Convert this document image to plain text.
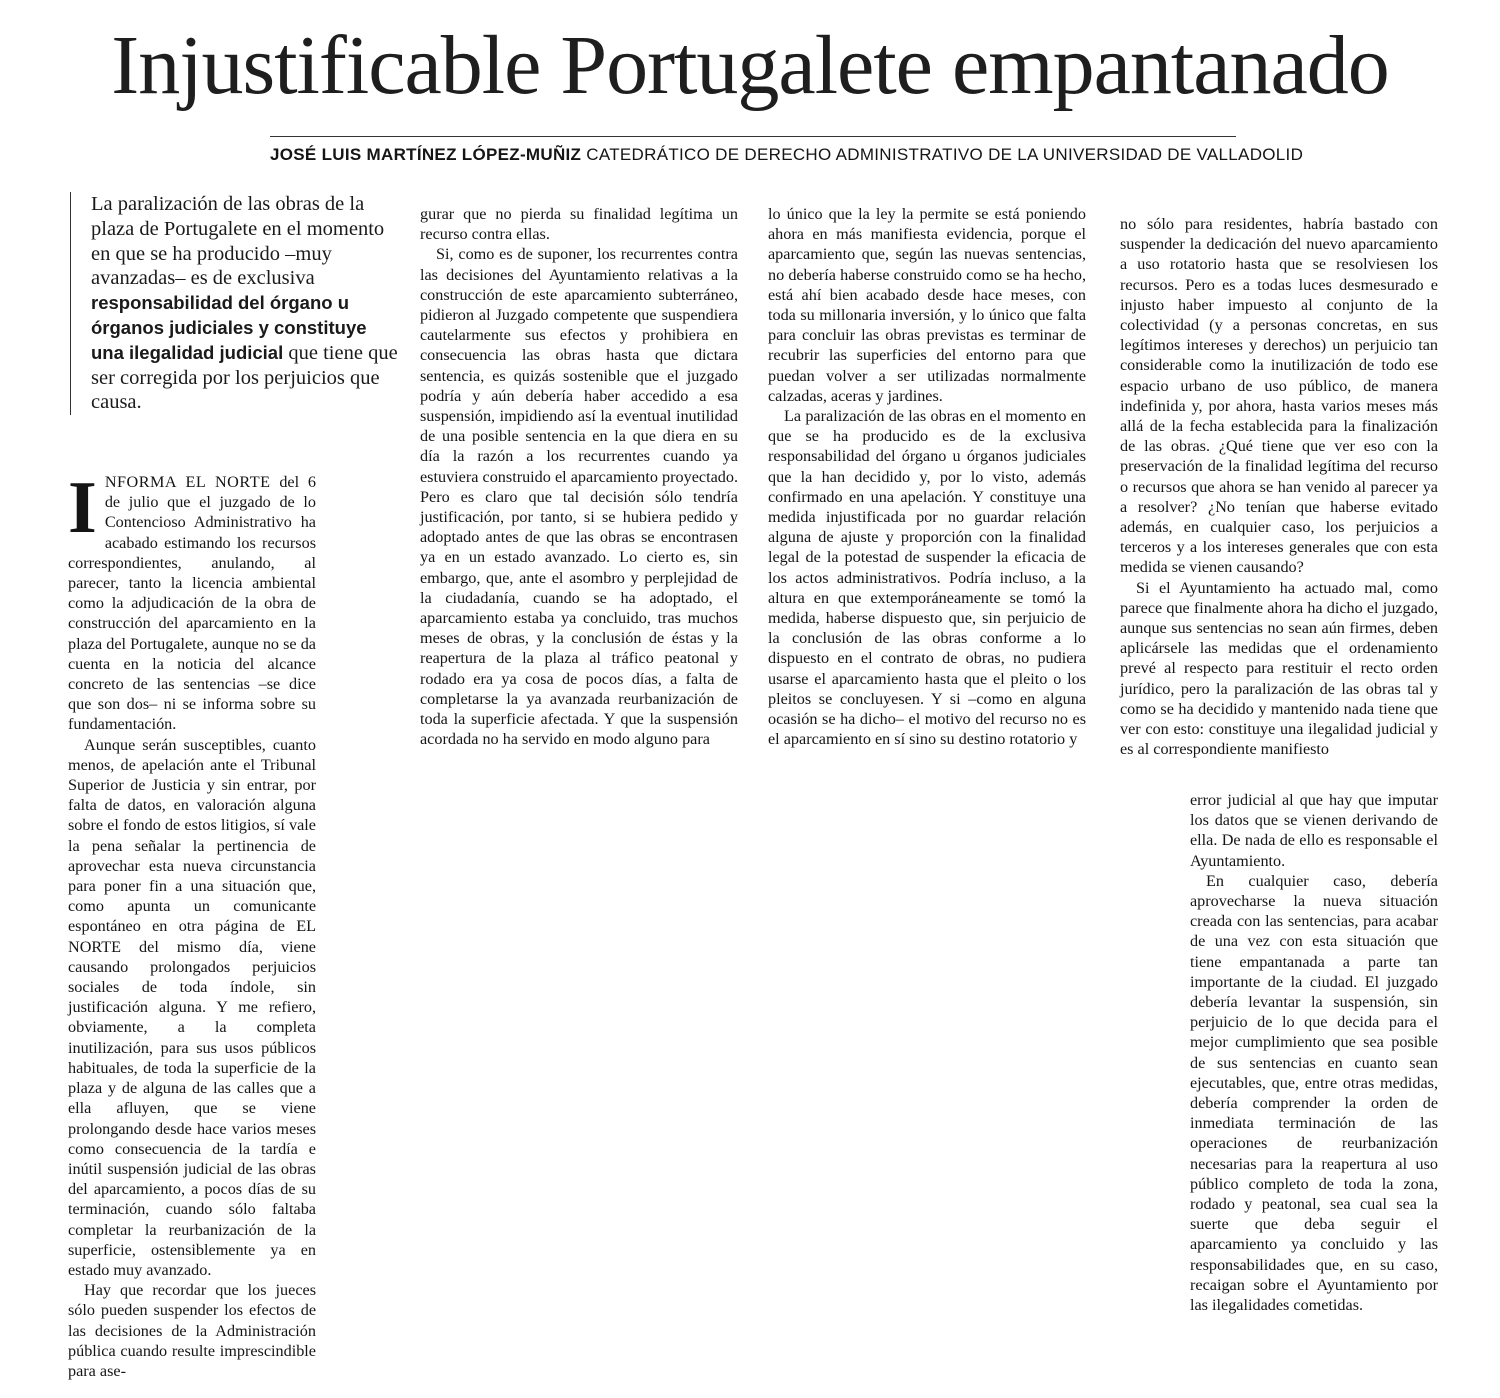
Injustificable Portugalete empantanado
JOSÉ LUIS MARTÍNEZ LÓPEZ-MUÑIZ CATEDRÁTICO DE DERECHO ADMINISTRATIVO DE LA UNIVERSIDAD DE VALLADOLID
La paralización de las obras de la plaza de Portugalete en el momento en que se ha producido –muy avanzadas– es de exclusiva responsabilidad del órgano u órganos judiciales y constituye una ilegalidad judicial que tiene que ser corregida por los perjuicios que causa.

INFORMA EL NORTE del 6 de julio que el juzgado de lo Contencioso Administrativo ha acabado estimando los recursos correspondientes, anulando, al parecer, tanto la licencia ambiental como la adjudicación de la obra de construcción del aparcamiento en la plaza del Portugalete, aunque no se da cuenta en la noticia del alcance concreto de las sentencias –se dice que son dos– ni se informa sobre su fundamentación.

Aunque serán susceptibles, cuanto menos, de apelación ante el Tribunal Superior de Justicia y sin entrar, por falta de datos, en valoración alguna sobre el fondo de estos litigios, sí vale la pena señalar la pertinencia de aprovechar esta nueva circunstancia para poner fin a una situación que, como apunta un comunicante espontáneo en otra página de EL NORTE del mismo día, viene causando prolongados perjuicios sociales de toda índole, sin justificación alguna. Y me refiero, obviamente, a la completa inutilización, para sus usos públicos habituales, de toda la superficie de la plaza y de alguna de las calles que a ella afluyen, que se viene prolongando desde hace varios meses como consecuencia de la tardía e inútil suspensión judicial de las obras del aparcamiento, a pocos días de su terminación, cuando sólo faltaba completar la reurbanización de la superficie, ostensiblemente ya en estado muy avanzado.

Hay que recordar que los jueces sólo pueden suspender los efectos de las decisiones de la Administración pública cuando resulte imprescindible para ase-

gurar que no pierda su finalidad legítima un recurso contra ellas.

Si, como es de suponer, los recurrentes contra las decisiones del Ayuntamiento relativas a la construcción de este aparcamiento subterráneo, pidieron al Juzgado competente que suspendiera cautelarmente sus efectos y prohibiera en consecuencia las obras hasta que dictara sentencia, es quizás sostenible que el juzgado podría y aún debería haber accedido a esa suspensión, impidiendo así la eventual inutilidad de una posible sentencia en la que diera en su día la razón a los recurrentes cuando ya estuviera construido el aparcamiento proyectado. Pero es claro que tal decisión sólo tendría justificación, por tanto, si se hubiera pedido y adoptado antes de que las obras se encontrasen ya en un estado avanzado. Lo cierto es, sin embargo, que, ante el asombro y perplejidad de la ciudadanía, cuando se ha adoptado, el aparcamiento estaba ya concluido, tras muchos meses de obras, y la conclusión de éstas y la reapertura de la plaza al tráfico peatonal y rodado era ya cosa de pocos días, a falta de completarse la ya avanzada reurbanización de toda la superficie afectada. Y que la suspensión acordada no ha servido en modo alguno para

lo único que la ley la permite se está poniendo ahora en más manifiesta evidencia, porque el aparcamiento que, según las nuevas sentencias, no debería haberse construido como se ha hecho, está ahí bien acabado desde hace meses, con toda su millonaria inversión, y lo único que falta para concluir las obras previstas es terminar de recubrir las superficies del entorno para que puedan volver a ser utilizadas normalmente calzadas, aceras y jardines.

La paralización de las obras en el momento en que se ha producido es de la exclusiva responsabilidad del órgano u órganos judiciales que la han decidido y, por lo visto, además confirmado en una apelación. Y constituye una medida injustificada por no guardar relación alguna de ajuste y proporción con la finalidad legal de la potestad de suspender la eficacia de los actos administrativos. Podría incluso, a la altura en que extemporáneamente se tomó la medida, haberse dispuesto que, sin perjuicio de la conclusión de las obras conforme a lo dispuesto en el contrato de obras, no pudiera usarse el aparcamiento hasta que el pleito o los pleitos se concluyesen. Y si –como en alguna ocasión se ha dicho– el motivo del recurso no es el aparcamiento en sí sino su destino rotatorio y

no sólo para residentes, habría bastado con suspender la dedicación del nuevo aparcamiento a uso rotatorio hasta que se resolviesen los recursos. Pero es a todas luces desmesurado e injusto haber impuesto al conjunto de la colectividad (y a personas concretas, en sus legítimos intereses y derechos) un perjuicio tan considerable como la inutilización de todo ese espacio urbano de uso público, de manera indefinida y, por ahora, hasta varios meses más allá de la fecha establecida para la finalización de las obras. ¿Qué tiene que ver eso con la preservación de la finalidad legítima del recurso o recursos que ahora se han venido al parecer ya a resolver? ¿No tenían que haberse evitado además, en cualquier caso, los perjuicios a terceros y a los intereses generales que con esta medida se vienen causando?

Si el Ayuntamiento ha actuado mal, como parece que finalmente ahora ha dicho el juzgado, aunque sus sentencias no sean aún firmes, deben aplicársele las medidas que el ordenamiento prevé al respecto para restituir el recto orden jurídico, pero la paralización de las obras tal y como se ha decidido y mantenido nada tiene que ver con esto: constituye una ilegalidad judicial y es al correspondiente manifiesto

error judicial al que hay que imputar los datos que se vienen derivando de ella. De nada de ello es responsable el Ayuntamiento.

En cualquier caso, debería aprovecharse la nueva situación creada con las sentencias, para acabar de una vez con esta situación que tiene empantanada a parte tan importante de la ciudad. El juzgado debería levantar la suspensión, sin perjuicio de lo que decida para el mejor cumplimiento que sea posible de sus sentencias en cuanto sean ejecutables, que, entre otras medidas, debería comprender la orden de inmediata terminación de las operaciones de reurbanización necesarias para la reapertura al uso público completo de toda la zona, rodado y peatonal, sea cual sea la suerte que deba seguir el aparcamiento ya concluido y las responsabilidades que, en su caso, recaigan sobre el Ayuntamiento por las ilegalidades cometidas.
